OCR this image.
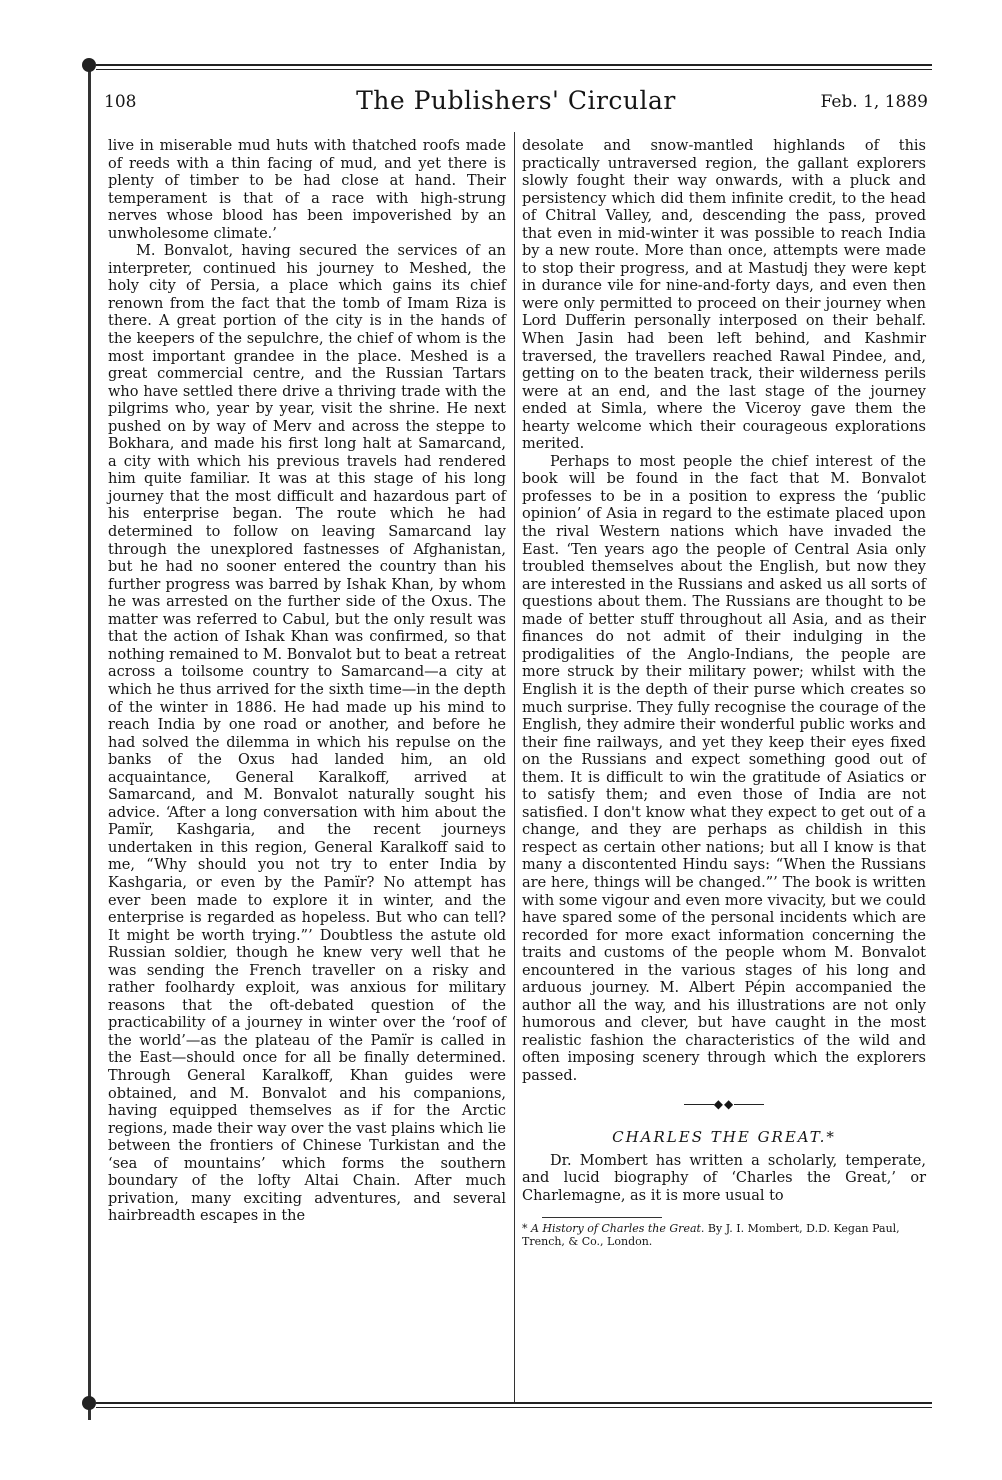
108	The Publishers' Circular	Feb. 1, 1889

live in miserable mud huts with thatched roofs made of reeds with a thin facing of mud, and yet there is plenty of timber to be had close at hand. Their temperament is that of a race with high-strung nerves whose blood has been impoverished by an unwholesome climate.’

M. Bonvalot, having secured the services of an interpreter, continued his journey to Meshed, the holy city of Persia, a place which gains its chief renown from the fact that the tomb of Imam Riza is there. A great portion of the city is in the hands of the keepers of the sepulchre, the chief of whom is the most important grandee in the place. Meshed is a great commercial centre, and the Russian Tartars who have settled there drive a thriving trade with the pilgrims who, year by year, visit the shrine. He next pushed on by way of Merv and across the steppe to Bokhara, and made his first long halt at Samarcand, a city with which his previous travels had rendered him quite familiar. It was at this stage of his long journey that the most difficult and hazardous part of his enterprise began. The route which he had determined to follow on leaving Samarcand lay through the unexplored fastnesses of Afghanistan, but he had no sooner entered the country than his further progress was barred by Ishak Khan, by whom he was arrested on the further side of the Oxus. The matter was referred to Cabul, but the only result was that the action of Ishak Khan was confirmed, so that nothing remained to M. Bonvalot but to beat a retreat across a toilsome country to Samarcand—a city at which he thus arrived for the sixth time—in the depth of the winter in 1886. He had made up his mind to reach India by one road or another, and before he had solved the dilemma in which his repulse on the banks of the Oxus had landed him, an old acquaintance, General Karalkoff, arrived at Samarcand, and M. Bonvalot naturally sought his advice. ‘After a long conversation with him about the Pamïr, Kashgaria, and the recent journeys undertaken in this region, General Karalkoff said to me, “Why should you not try to enter India by Kashgaria, or even by the Pamïr? No attempt has ever been made to explore it in winter, and the enterprise is regarded as hopeless. But who can tell? It might be worth trying.”’ Doubtless the astute old Russian soldier, though he knew very well that he was sending the French traveller on a risky and rather foolhardy exploit, was anxious for military reasons that the oft-debated question of the practicability of a journey in winter over the ‘roof of the world’—as the plateau of the Pamïr is called in the East—should once for all be finally determined. Through General Karalkoff, Khan guides were obtained, and M. Bonvalot and his companions, having equipped themselves as if for the Arctic regions, made their way over the vast plains which lie between the frontiers of Chinese Turkistan and the ‘sea of mountains’ which forms the southern boundary of the lofty Altai Chain. After much privation, many exciting adventures, and several hairbreadth escapes in the

desolate and snow-mantled highlands of this practically untraversed region, the gallant explorers slowly fought their way onwards, with a pluck and persistency which did them infinite credit, to the head of Chitral Valley, and, descending the pass, proved that even in mid-winter it was possible to reach India by a new route. More than once, attempts were made to stop their progress, and at Mastudj they were kept in durance vile for nine-and-forty days, and even then were only permitted to proceed on their journey when Lord Dufferin personally interposed on their behalf. When Jasin had been left behind, and Kashmir traversed, the travellers reached Rawal Pindee, and, getting on to the beaten track, their wilderness perils were at an end, and the last stage of the journey ended at Simla, where the Viceroy gave them the hearty welcome which their courageous explorations merited.

Perhaps to most people the chief interest of the book will be found in the fact that M. Bonvalot professes to be in a position to express the ‘public opinion’ of Asia in regard to the estimate placed upon the rival Western nations which have invaded the East. ‘Ten years ago the people of Central Asia only troubled themselves about the English, but now they are interested in the Russians and asked us all sorts of questions about them. The Russians are thought to be made of better stuff throughout all Asia, and as their finances do not admit of their indulging in the prodigalities of the Anglo-Indians, the people are more struck by their military power; whilst with the English it is the depth of their purse which creates so much surprise. They fully recognise the courage of the English, they admire their wonderful public works and their fine railways, and yet they keep their eyes fixed on the Russians and expect something good out of them. It is difficult to win the gratitude of Asiatics or to satisfy them; and even those of India are not satisfied. I don't know what they expect to get out of a change, and they are perhaps as childish in this respect as certain other nations; but all I know is that many a discontented Hindu says: “When the Russians are here, things will be changed.”’ The book is written with some vigour and even more vivacity, but we could have spared some of the personal incidents which are recorded for more exact information concerning the traits and customs of the people whom M. Bonvalot encountered in the various stages of his long and arduous journey. M. Albert Pépin accompanied the author all the way, and his illustrations are not only humorous and clever, but have caught in the most realistic fashion the characteristics of the wild and often imposing scenery through which the explorers passed.

◆◆
CHARLES THE GREAT.*

Dr. Mombert has written a scholarly, temperate, and lucid biography of ‘Charles the Great,’ or Charlemagne, as it is more usual to

* A History of Charles the Great. By J. I. Mombert, D.D. Kegan Paul, Trench, & Co., London.
